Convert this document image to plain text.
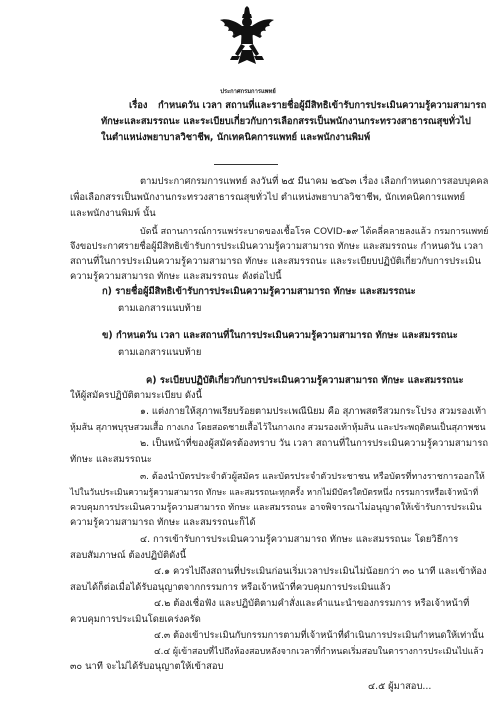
ประกาศกรมการแพทย์
เรื่อง กำหนดวัน เวลา สถานที่และรายชื่อผู้มีสิทธิเข้ารับการประเมินความรู้ความสามารถ
ทักษะและสมรรถนะ และระเบียบเกี่ยวกับการเลือกสรรเป็นพนักงานกระทรวงสาธารณสุขทั่วไป
ในตำแหน่งพยาบาลวิชาชีพ, นักเทคนิคการแพทย์ และพนักงานพิมพ์
ตามประกาศกรมการแพทย์ ลงวันที่ ๒๕ มีนาคม ๒๕๖๓ เรื่อง เลือกกำหนดการสอบบุคคล
เพื่อเลือกสรรเป็นพนักงานกระทรวงสาธารณสุขทั่วไป ตำแหน่งพยาบาลวิชาชีพ, นักเทคนิคการแพทย์
และพนักงานพิมพ์ นั้น
บัดนี้ สถานการณ์การแพร่ระบาดของเชื้อโรค COVID-๑๙ ได้คลี่คลายลงแล้ว กรมการแพทย์
จึงขอประกาศรายชื่อผู้มีสิทธิเข้ารับการประเมินความรู้ความสามารถ ทักษะ และสมรรถนะ กำหนดวัน เวลา
สถานที่ในการประเมินความรู้ความสามารถ ทักษะ และสมรรถนะ และระเบียบปฏิบัติเกี่ยวกับการประเมิน
ความรู้ความสามารถ ทักษะ และสมรรถนะ ดังต่อไปนี้
ก) รายชื่อผู้มีสิทธิเข้ารับการประเมินความรู้ความสามารถ ทักษะ และสมรรถนะ
ตามเอกสารแนบท้าย
ข) กำหนดวัน เวลา และสถานที่ในการประเมินความรู้ความสามารถ ทักษะ และสมรรถนะ
ตามเอกสารแนบท้าย
ค) ระเบียบปฏิบัติเกี่ยวกับการประเมินความรู้ความสามารถ ทักษะ และสมรรถนะ
ให้ผู้สมัครปฏิบัติตามระเบียบ ดังนี้
๑. แต่งกายให้สุภาพเรียบร้อยตามประเพณีนิยม คือ สุภาพสตรีสวมกระโปรง สวมรองเท้า
หุ้มส้น สุภาพบุรุษสวมเสื้อ กางเกง โดยสอดชายเสื้อไว้ในกางเกง สวมรองเท้าหุ้มส้น และประพฤติตนเป็นสุภาพชน
๒. เป็นหน้าที่ของผู้สมัครต้องทราบ วัน เวลา สถานที่ในการประเมินความรู้ความสามารถ
ทักษะ และสมรรถนะ
๓. ต้องนำบัตรประจำตัวผู้สมัคร และบัตรประจำตัวประชาชน หรือบัตรที่ทางราชการออกให้
ไปในวันประเมินความรู้ความสามารถ ทักษะ และสมรรถนะทุกครั้ง หากไม่มีบัตรใดบัตรหนึ่ง กรรมการหรือเจ้าหน้าที่
ควบคุมการประเมินความรู้ความสามารถ ทักษะ และสมรรถนะ อาจพิจารณาไม่อนุญาตให้เข้ารับการประเมิน
ความรู้ความสามารถ ทักษะ และสมรรถนะก็ได้
๔. การเข้ารับการประเมินความรู้ความสามารถ ทักษะ และสมรรถนะ โดยวิธีการ
สอบสัมภาษณ์ ต้องปฏิบัติดังนี้
๔.๑ ควรไปถึงสถานที่ประเมินก่อนเริ่มเวลาประเมินไม่น้อยกว่า ๓๐ นาที และเข้าห้อง
สอบได้ก็ต่อเมื่อได้รับอนุญาตจากกรรมการ หรือเจ้าหน้าที่ควบคุมการประเมินแล้ว
๔.๒ ต้องเชื่อฟัง และปฏิบัติตามคำสั่งและคำแนะนำของกรรมการ หรือเจ้าหน้าที่
ควบคุมการประเมินโดยเคร่งครัด
๔.๓ ต้องเข้าประเมินกับกรรมการตามที่เจ้าหน้าที่ดำเนินการประเมินกำหนดให้เท่านั้น
๔.๔ ผู้เข้าสอบที่ไปถึงห้องสอบหลังจากเวลาที่กำหนดเริ่มสอบในตารางการประเมินไปแล้ว
๓๐ นาที จะไม่ได้รับอนุญาตให้เข้าสอบ
๔.๕ ผู้มาสอบ...
